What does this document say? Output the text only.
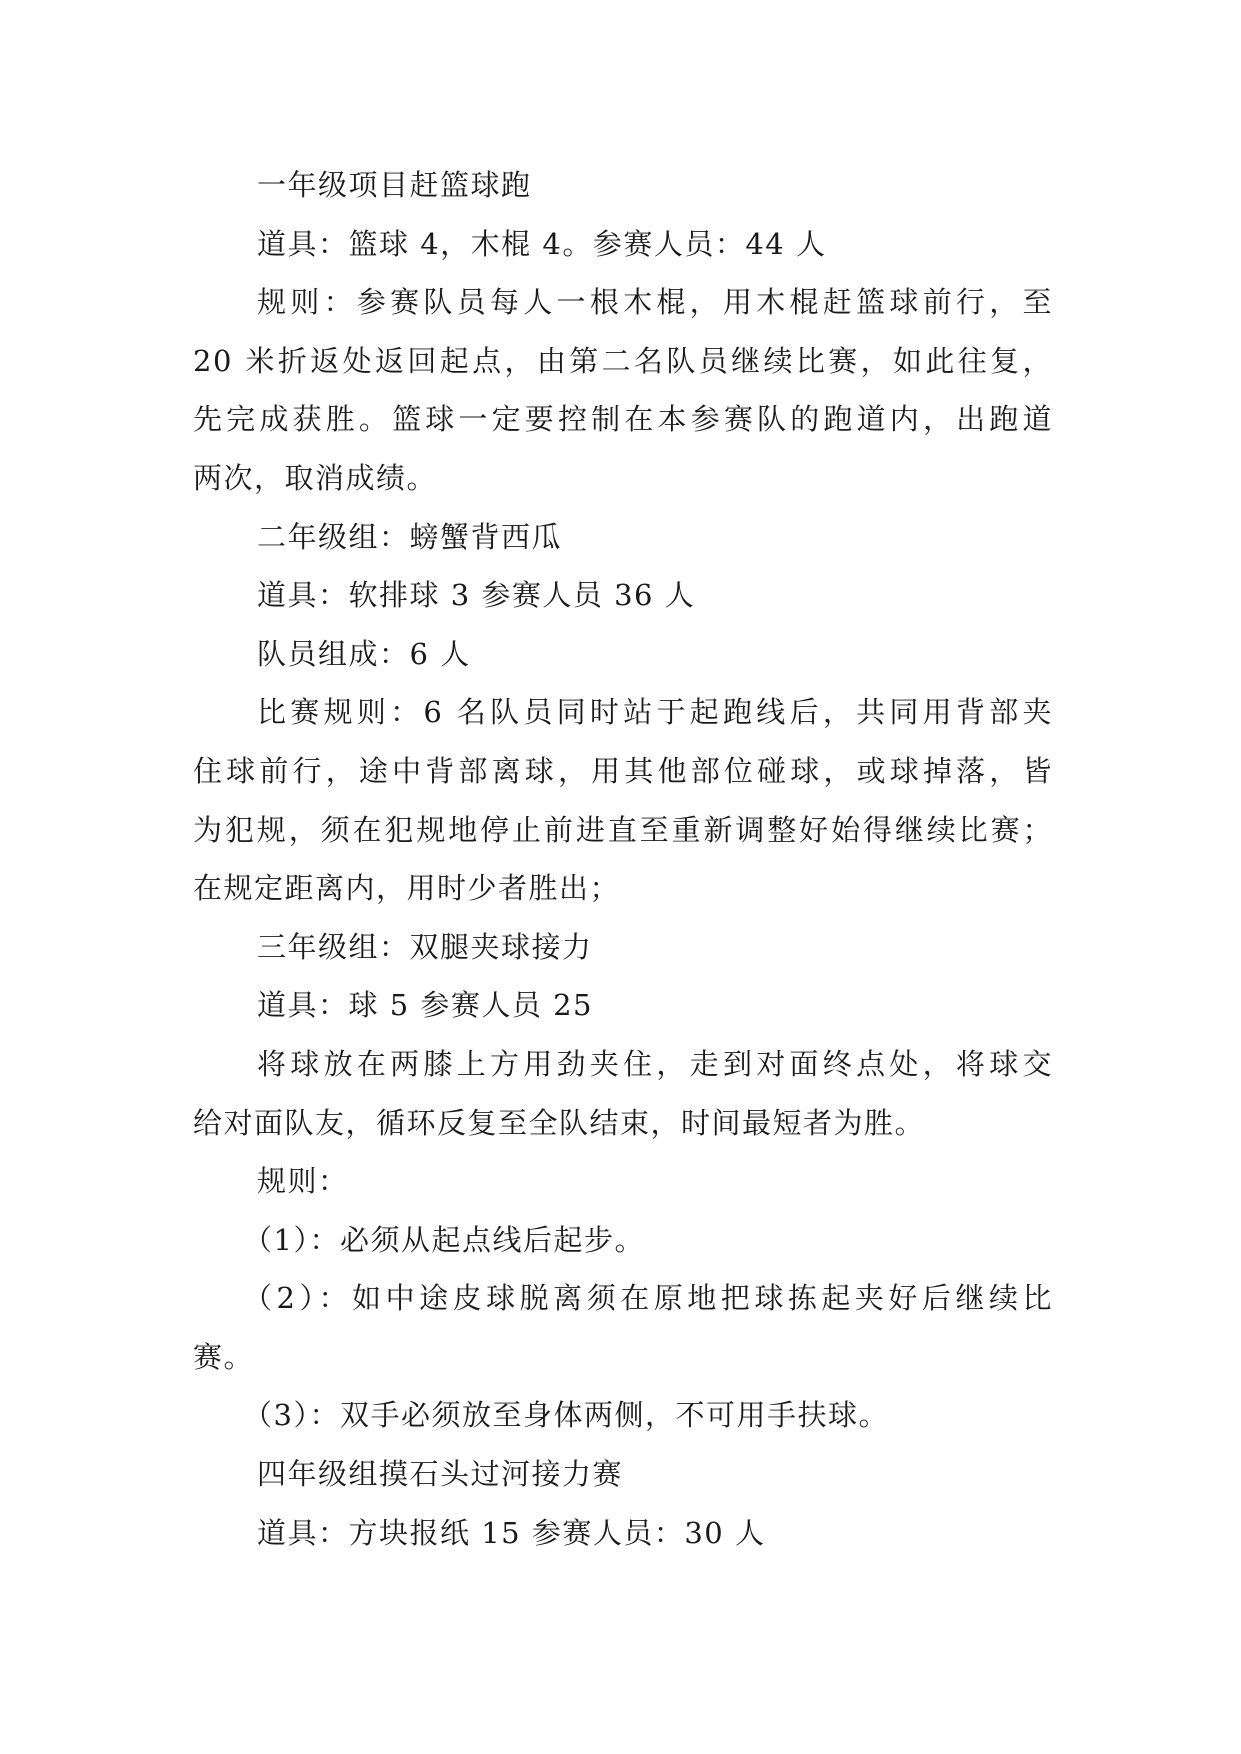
一年级项目赶篮球跑
道具：篮球 4，木棍 4。参赛人员：44 人
规则：参赛队员每人一根木棍，用木棍赶篮球前行，至
20 米折返处返回起点，由第二名队员继续比赛，如此往复，
先完成获胜。篮球一定要控制在本参赛队的跑道内，出跑道
两次，取消成绩。
二年级组：螃蟹背西瓜
道具：软排球 3 参赛人员 36 人
队员组成：6 人
比赛规则：6 名队员同时站于起跑线后，共同用背部夹
住球前行，途中背部离球，用其他部位碰球，或球掉落，皆
为犯规，须在犯规地停止前进直至重新调整好始得继续比赛；
在规定距离内，用时少者胜出；
三年级组：双腿夹球接力
道具：球 5 参赛人员 25
将球放在两膝上方用劲夹住，走到对面终点处，将球交
给对面队友，循环反复至全队结束，时间最短者为胜。
规则：
（1）：必须从起点线后起步。
（2）：如中途皮球脱离须在原地把球拣起夹好后继续比
赛。
（3）：双手必须放至身体两侧，不可用手扶球。
四年级组摸石头过河接力赛
道具：方块报纸 15 参赛人员：30 人
